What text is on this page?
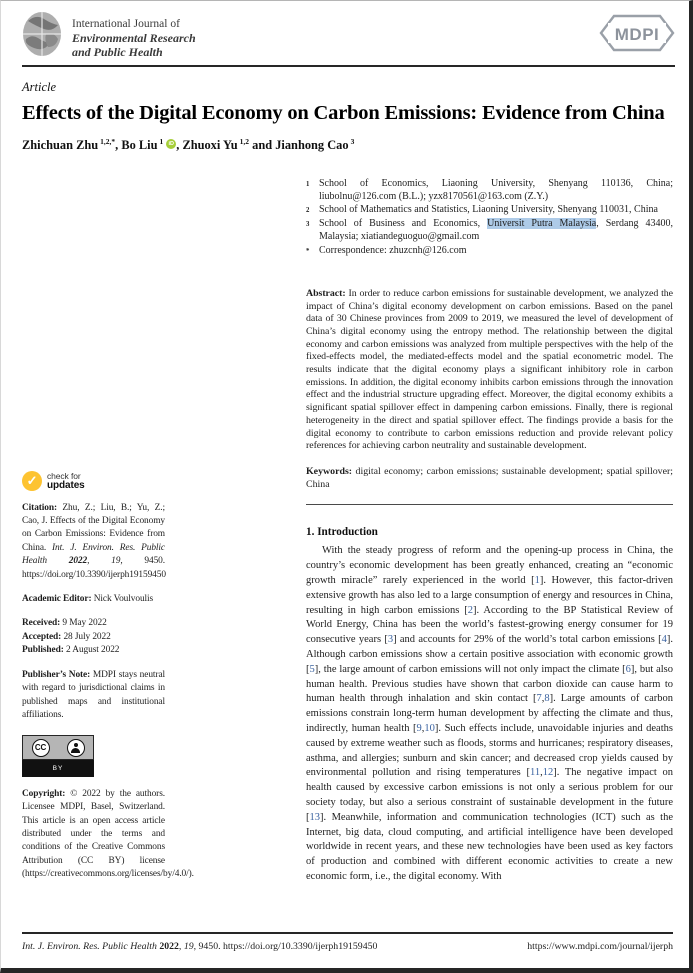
International Journal of
Environmental Research
and Public Health
MDPI
Article
Effects of the Digital Economy on Carbon Emissions: Evidence from China
Zhichuan Zhu $^{1,2,*}$, Bo Liu $^1$ iD , Zhuoxi Yu $^{1,2}$ and Jianhong Cao $^3$
✓	check for
updates
Citation: Zhu, Z.; Liu, B.; Yu, Z.; Cao, J. Effects of the Digital Economy on Carbon Emissions: Evidence from China. Int. J. Environ. Res. Public Health 2022, 19, 9450. https://doi.org/10.3390/ijerph19159450
Academic Editor: Nick Voulvoulis
Received: 9 May 2022
Accepted: 28 July 2022
Published: 2 August 2022
Publisher’s Note: MDPI stays neutral with regard to jurisdictional claims in published maps and institutional affiliations.
CC
BY
Copyright: © 2022 by the authors. Licensee MDPI, Basel, Switzerland. This article is an open access article distributed under the terms and conditions of the Creative Commons Attribution (CC BY) license (https://creativecommons.org/licenses/by/4.0/).
1 School of Economics, Liaoning University, Shenyang 110136, China; liubolnu@126.com (B.L.); yzx8170561@163.com (Z.Y.)
2 School of Mathematics and Statistics, Liaoning University, Shenyang 110031, China
3 School of Business and Economics, Universit Putra Malaysia, Serdang 43400, Malaysia; xiatiandeguoguo@gmail.com
* Correspondence: zhuzcnh@126.com
Abstract: In order to reduce carbon emissions for sustainable development, we analyzed the impact of China’s digital economy development on carbon emissions. Based on the panel data of 30 Chinese provinces from 2009 to 2019, we measured the level of development of China’s digital economy using the entropy method. The relationship between the digital economy and carbon emissions was analyzed from multiple perspectives with the help of the fixed-effects model, the mediated-effects model and the spatial econometric model. The results indicate that the digital economy plays a significant inhibitory role in carbon emissions. In addition, the digital economy inhibits carbon emissions through the innovation effect and the industrial structure upgrading effect. Moreover, the digital economy exhibits a significant spatial spillover effect in dampening carbon emissions. Finally, there is regional heterogeneity in the direct and spatial spillover effect. The findings provide a basis for the digital economy to contribute to carbon emissions reduction and provide relevant policy references for achieving carbon neutrality and sustainable development.
Keywords: digital economy; carbon emissions; sustainable development; spatial spillover; China
1. Introduction
With the steady progress of reform and the opening-up process in China, the country’s economic development has been greatly enhanced, creating an “economic growth miracle” rarely experienced in the world [1]. However, this factor-driven extensive growth has also led to a large consumption of energy and resources in China, resulting in high carbon emissions [2]. According to the BP Statistical Review of World Energy, China has been the world’s fastest-growing energy consumer for 19 consecutive years [3] and accounts for 29% of the world’s total carbon emissions [4]. Although carbon emissions show a certain positive association with economic growth [5], the large amount of carbon emissions will not only impact the climate [6], but also human health. Previous studies have shown that carbon dioxide can cause harm to human health through inhalation and skin contact [7,8]. Large amounts of carbon emissions constrain long-term human development by affecting the climate and thus, indirectly, human health [9,10]. Such effects include, unavoidable injuries and deaths caused by extreme weather such as floods, storms and hurricanes; respiratory diseases, asthma, and allergies; sunburn and skin cancer; and decreased crop yields caused by environmental pollution and rising temperatures [11,12]. The negative impact on health caused by excessive carbon emissions is not only a serious problem for our society today, but also a serious constraint of sustainable development in the future [13]. Meanwhile, information and communication technologies (ICT) such as the Internet, big data, cloud computing, and artificial intelligence have been developed worldwide in recent years, and these new technologies have been used as key factors of production and combined with different economic activities to create a new economic form, i.e., the digital economy. With
Int. J. Environ. Res. Public Health 2022, 19, 9450. https://doi.org/10.3390/ijerph19159450	https://www.mdpi.com/journal/ijerph
